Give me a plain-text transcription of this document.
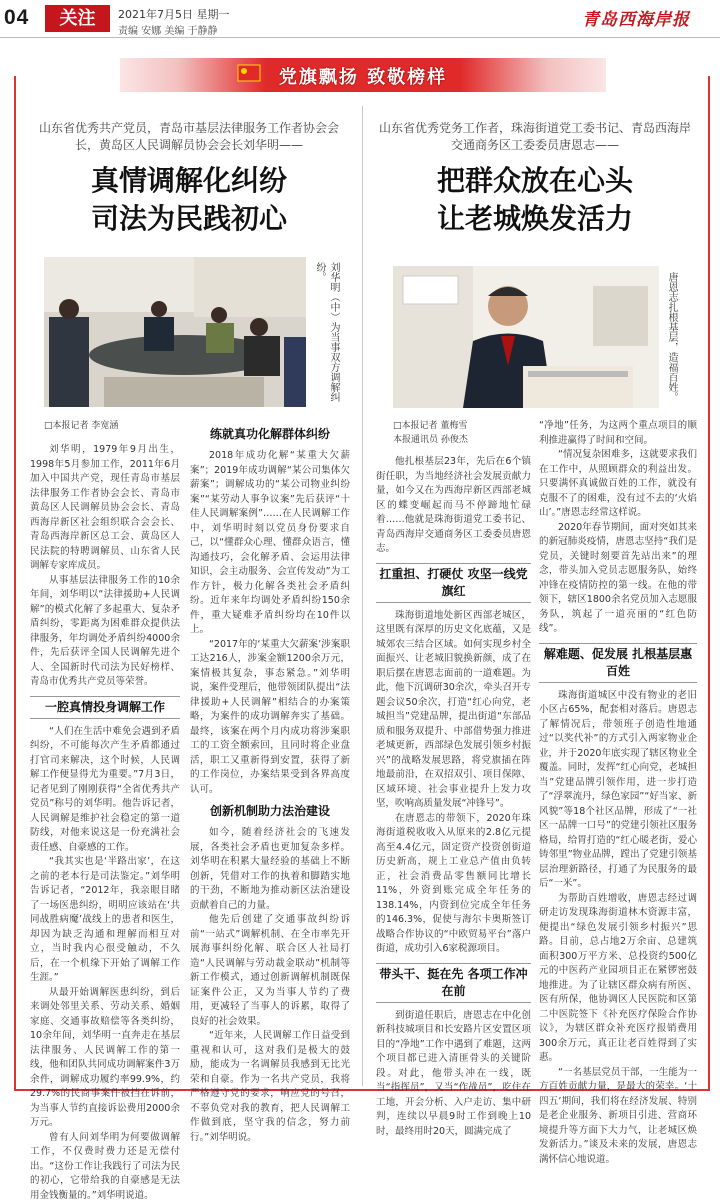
04	关注	2021年7月5日 星期一
责编 安娜 美编 于静静
青岛西海岸报
党旗飘扬 致敬榜样
山东省优秀共产党员，青岛市基层法律服务工作者协会会长，黄岛区人民调解员协会会长刘华明——
真情调解化纠纷
司法为民践初心
刘华明（中）为当事双方调解纠纷。
□本报记者 李宽涵

刘华明，1979年9月出生，1998年5月参加工作，2011年6月加入中国共产党，现任青岛市基层法律服务工作者协会会长、青岛市黄岛区人民调解员协会会长、青岛西海岸新区社会组织联合会会长、青岛西海岸新区总工会、黄岛区人民法院的特聘调解员、山东省人民调解专家库成员。

从事基层法律服务工作的10余年间，刘华明以“法律援助+人民调解”的模式化解了多起重大、复杂矛盾纠纷，零距离为困难群众提供法律服务，年均调处矛盾纠纷4000余件，先后获评全国人民调解先进个人、全国新时代司法为民好榜样、青岛市优秀共产党员等荣誉。

一腔真情投身调解工作

“人们在生活中难免会遇到矛盾纠纷，不可能每次产生矛盾都通过打官司来解决，这个时候，人民调解工作便显得尤为重要。”7月3日，记者见到了刚刚获得“全省优秀共产党员”称号的刘华明。他告诉记者，人民调解是维护社会稳定的第一道防线，对他来说这是一份充满社会责任感、自豪感的工作。

“我其实也是‘半路出家’，在这之前的老本行是司法鉴定。”刘华明告诉记者，“2012年，我亲眼目睹了一场医患纠纷，明明应该站在‘共同战胜病魔’战线上的患者和医生，却因为缺乏沟通和理解而相互对立，当时我内心很受触动，不久后，在一个机缘下开始了调解工作生涯。”

从最开始调解医患纠纷，到后来调处邻里关系、劳动关系、婚姻家庭、交通事故赔偿等各类纠纷，10余年间，刘华明一直奔走在基层法律服务、人民调解工作的第一线，他和团队共同成功调解案件3万余件，调解成功履约率99.9%，约29.7%的民商事案件被挡在诉前，为当事人节约直接诉讼费用2000余万元。

曾有人问刘华明为何要做调解工作，不仅费时费力还是无偿付出。“这份工作让我践行了司法为民的初心，它带给我的自豪感是无法用金钱衡量的。”刘华明说道。

练就真功化解群体纠纷

2018年成功化解“某重大欠薪案”；2019年成功调解“某公司集体欠薪案”；调解成功的“某公司物业纠纷案”“某劳动人事争议案”先后获评“十佳人民调解案例”……在人民调解工作中，刘华明时刻以党员身份要求自己，以“懂群众心理、懂群众语言，懂沟通技巧，会化解矛盾、会运用法律知识，会主动服务、会宣传发动”为工作方针，极力化解各类社会矛盾纠纷。近年来年均调处矛盾纠纷150余件，重大疑难矛盾纠纷均在10件以上。

“2017年的‘某重大欠薪案’涉案职工达216人，涉案金额1200余万元，案情极其复杂，事态紧急。”刘华明说，案件受理后，他带领团队提出“法律援助+人民调解”相结合的办案策略，为案件的成功调解奔实了基础。最终，该案在两个月内成功将涉案职工的工资全额索回，且同时将企业盘活，职工又重新得到安置，获得了新的工作岗位，办案结果受到各界高度认可。

创新机制助力法治建设

如今，随着经济社会的飞速发展，各类社会矛盾也更加复杂多样。刘华明在积累大量经验的基础上不断创新，凭借对工作的执着和脚踏实地的干劲，不断地为推动新区法治建设贡献着自己的力量。

他先后创建了交通事故纠纷诉前“一站式”调解机制、在全市率先开展海事纠纷化解、联合区人社局打造“人民调解与劳动裁金联动”机制等新工作模式，通过创新调解机制既保证案件公正，又为当事人节约了费用，更减轻了当事人的诉累，取得了良好的社会效果。

“近年来，人民调解工作日益受到重视和认可，这对我们是极大的鼓励，能成为一名调解员我感到无比光荣和自豪。作为一名共产党员，我将严格遵守党的要求，响应党的号召，不辜负党对我的教育，把人民调解工作做到底，坚守我的信念，努力前行。”刘华明说。

山东省优秀党务工作者，珠海街道党工委书记、青岛西海岸交通商务区工委委员唐恩志——
把群众放在心头
让老城焕发活力
唐恩志扎根基层，造福百姓。
□本报记者 董梅雪
本报通讯员 孙俊杰

他扎根基层23年，先后在6个镇街任职，为当地经济社会发展贡献力量，如今又在为西海岸新区西部老城区的蝶变崛起而马不停蹄地忙碌着……他就是珠海街道党工委书记、青岛西海岸交通商务区工委委员唐恩志。

扛重担、打硬仗 攻坚一线党旗红

珠海街道地处新区西部老城区，这里既有深厚的历史文化底蕴，又是城郊农三结合区域。如何实现乡村全面振兴、让老城旧貌换新颜，成了在职后摆在唐恩志面前的一道难题。为此，他下沉调研30余次，牵头召开专题会议50余次，打造“红心向党，老城担当”党建品牌，提出街道“东部品质和服务双提升、中部借势强力推进老城更新，西部绿色发展引领乡村振兴”的战略发展思路，将党旗插在阵地最前沿，在双招双引、项目保障、区域环境、社会事业提升上发力攻坚，吹响高质量发展“冲锋号”。

在唐恩志的带领下，2020年珠海街道税收收入从原来的2.8亿元提高至4.4亿元，固定资产投资创街道历史新高，规上工业总产值由负转正，社会消费品零售额同比增长11%，外资到账完成全年任务的138.14%，内资到位完成全年任务的146.3%，促使与海尔卡奥斯签订战略合作协议的“中欧贸易平台”落户街道，成功引入6家税源项目。

带头干、挺在先 各项工作冲在前

到街道任职后，唐恩志在中化创新科技城项目和长安路片区安置区项目的“净地”工作中遇到了难题，这两个项目都已进入清匪骨头的关键阶段。对此，他带头冲在一线，既当“指挥员”，又当“作战员”，吃住在工地，开会分析、入户走访、集中研判，连续以早晨9时工作到晚上10时，最终用时20天，圆满完成了

“净地”任务，为这两个重点项目的顺利推进赢得了时间和空间。

“情况复杂困难多，这就要求我们在工作中，从照顾群众的利益出发。只要满怀真诚做百姓的工作，就没有克服不了的困难，没有过不去的‘火焰山’。”唐恩志经常这样说。

2020年春节期间，面对突如其来的新冠肺炎疫情，唐恩志坚持“我们是党员，关键时刻要首先站出来”的理念，带头加入党员志愿服务队，始终冲锋在疫情防控的第一线。在他的带领下，辖区1800余名党员加入志愿服务队，筑起了一道亮丽的“红色防线”。

解难题、促发展 扎根基层惠百姓

珠海街道城区中没有物业的老旧小区占65%，配套相对落后。唐恩志了解情况后，带领班子创造性地通过“以奖代补”的方式引入两家物业企业，并于2020年底实现了辖区物业全覆盖。同时，发挥“红心向党，老城担当”党建品牌引领作用，进一步打造了“浮翠流丹，绿色家园”“好当家、新风貌”等18个社区品牌，形成了“一社区一品牌一口号”的党建引领社区服务格局，给胃打造的“红心暖老街，爱心铸邻里”物业品牌，蹚出了党建引领基层治理新路径，打通了为民服务的最后“一米”。

为帮助百姓增收，唐恩志经过调研走访发现珠海街道林木资源丰富，便提出“绿色发展引领乡村振兴”思路。目前，总占地2万余亩、总建筑面积300万平方米、总投资约500亿元的中医药产业园项目正在紧锣密鼓地推进。为了让辖区群众病有所医、医有所保，他协调区人民医院和区第二中医院签下《补充医疗保险合作协议》，为辖区群众补充医疗报销费用300余万元，真正让老百姓得到了实惠。

“一名基层党员干部，一生能为一方百姓贡献力量，是最大的荣幸。‘十四五’期间，我们将在经济发展、特别是老企业服务、新项目引进、营商环境提升等方面下大力气，让老城区焕发新活力。”谈及未来的发展，唐恩志满怀信心地说道。
